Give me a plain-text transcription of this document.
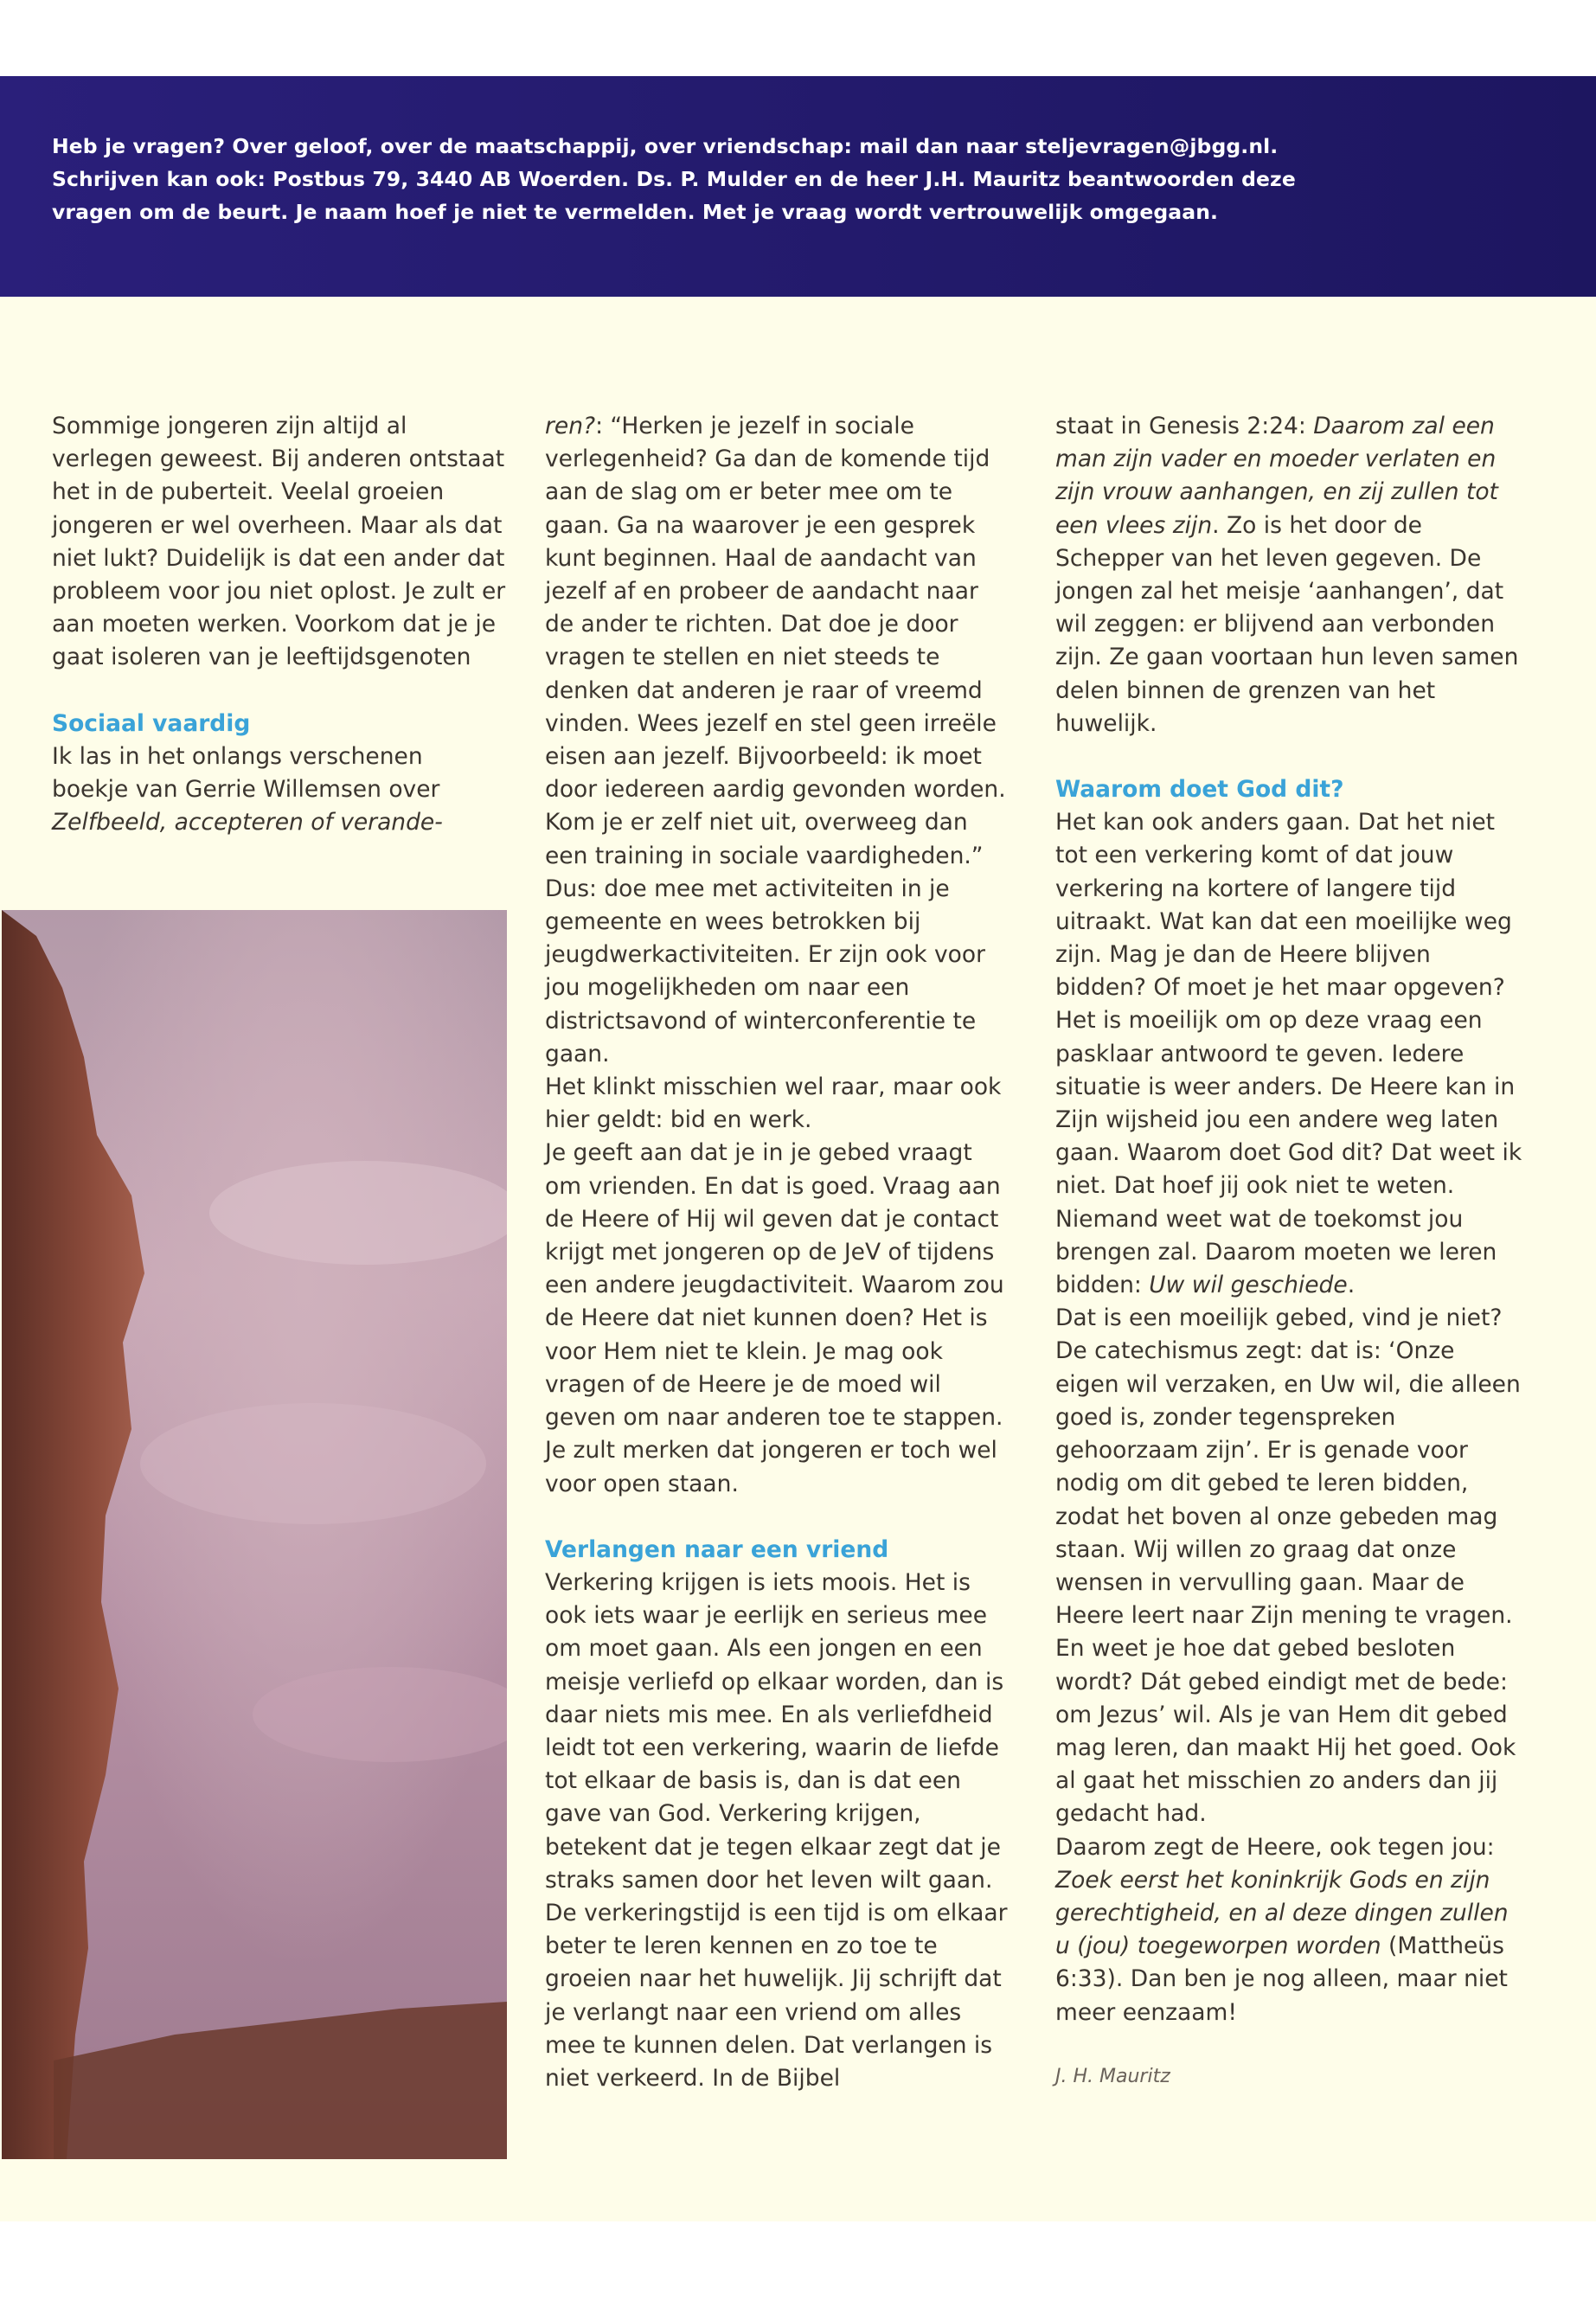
Heb je vragen? Over geloof, over de maatschappij, over vriendschap: mail dan naar steljevragen@jbgg.nl.

Schrijven kan ook: Postbus 79, 3440 AB Woerden. Ds. P. Mulder en de heer J.H. Mauritz beantwoorden deze

vragen om de beurt. Je naam hoef je niet te vermelden. Met je vraag wordt vertrouwelijk omgegaan.

Sommige jongeren zijn altijd al verlegen geweest. Bij anderen ontstaat het in de puberteit. Veelal groeien jongeren er wel overheen. Maar als dat niet lukt? Duidelijk is dat een ander dat probleem voor jou niet oplost. Je zult er aan moeten werken. Voorkom dat je je gaat isoleren van je leeftijdsgenoten

Sociaal vaardig

Ik las in het onlangs verschenen boekje van Gerrie Willemsen over Zelfbeeld, accepteren of verande-

ren?: “Herken je jezelf in sociale verlegenheid? Ga dan de komende tijd aan de slag om er beter mee om te gaan. Ga na waarover je een gesprek kunt beginnen. Haal de aandacht van jezelf af en probeer de aandacht naar de ander te richten. Dat doe je door vragen te stellen en niet steeds te denken dat anderen je raar of vreemd vinden. Wees jezelf en stel geen irreële eisen aan jezelf. Bijvoorbeeld: ik moet door iedereen aardig gevonden worden. Kom je er zelf niet uit, overweeg dan een training in sociale vaardigheden.”

Dus: doe mee met activiteiten in je gemeente en wees betrokken bij jeugdwerkactiviteiten. Er zijn ook voor jou mogelijkheden om naar een districtsavond of winterconferentie te gaan.

Het klinkt misschien wel raar, maar ook hier geldt: bid en werk.

Je geeft aan dat je in je gebed vraagt om vrienden. En dat is goed. Vraag aan de Heere of Hij wil geven dat je contact krijgt met jongeren op de JeV of tijdens een andere jeugdactiviteit. Waarom zou de Heere dat niet kunnen doen? Het is voor Hem niet te klein. Je mag ook vragen of de Heere je de moed wil geven om naar anderen toe te stappen. Je zult merken dat jongeren er toch wel voor open staan.

Verlangen naar een vriend

Verkering krijgen is iets moois. Het is ook iets waar je eerlijk en serieus mee om moet gaan. Als een jongen en een meisje verliefd op elkaar worden, dan is daar niets mis mee. En als verliefdheid leidt tot een verkering, waarin de liefde tot elkaar de basis is, dan is dat een gave van God. Verkering krijgen, betekent dat je tegen elkaar zegt dat je straks samen door het leven wilt gaan. De verkeringstijd is een tijd is om elkaar beter te leren kennen en zo toe te groeien naar het huwelijk. Jij schrijft dat je verlangt naar een vriend om alles mee te kunnen delen. Dat verlangen is niet verkeerd. In de Bijbel

staat in Genesis 2:24: Daarom zal een man zijn vader en moeder verlaten en zijn vrouw aanhangen, en zij zullen tot een vlees zijn. Zo is het door de Schepper van het leven gegeven. De jongen zal het meisje ‘aanhangen’, dat wil zeggen: er blijvend aan verbonden zijn. Ze gaan voortaan hun leven samen delen binnen de grenzen van het huwelijk.

Waarom doet God dit?

Het kan ook anders gaan. Dat het niet tot een verkering komt of dat jouw verkering na kortere of langere tijd uitraakt. Wat kan dat een moeilijke weg zijn. Mag je dan de Heere blijven bidden? Of moet je het maar opgeven? Het is moeilijk om op deze vraag een pasklaar antwoord te geven. Iedere situatie is weer anders. De Heere kan in Zijn wijsheid jou een andere weg laten gaan. Waarom doet God dit? Dat weet ik niet. Dat hoef jij ook niet te weten. Niemand weet wat de toekomst jou brengen zal. Daarom moeten we leren bidden: Uw wil geschiede.

Dat is een moeilijk gebed, vind je niet? De catechismus zegt: dat is: ‘Onze eigen wil verzaken, en Uw wil, die alleen goed is, zonder tegenspreken gehoorzaam zijn’. Er is genade voor nodig om dit gebed te leren bidden, zodat het boven al onze gebeden mag staan. Wij willen zo graag dat onze wensen in vervulling gaan. Maar de Heere leert naar Zijn mening te vragen. En weet je hoe dat gebed besloten wordt? Dát gebed eindigt met de bede: om Jezus’ wil. Als je van Hem dit gebed mag leren, dan maakt Hij het goed. Ook al gaat het misschien zo anders dan jij gedacht had.

Daarom zegt de Heere, ook tegen jou: Zoek eerst het koninkrijk Gods en zijn gerechtigheid, en al deze dingen zullen u (jou) toegeworpen worden (Mattheüs 6:33). Dan ben je nog alleen, maar niet meer eenzaam!

J. H. Mauritz
